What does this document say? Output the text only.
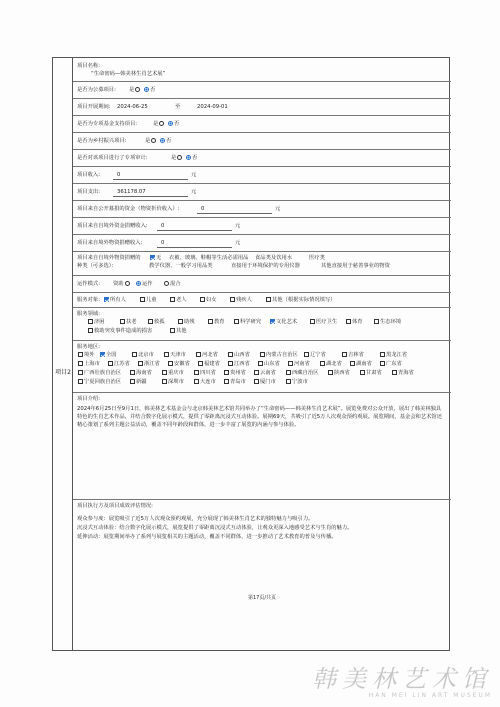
项目2
项目名称:
“生命密码—韩美林生肖艺术展”
是否为公募项目: 是	否
项目开展期间: 2024-06-25	至	2024-09-01
是否为专项基金支持项目:	是	否
是否为乡村振兴项目:	是	否
是否对该项目进行了专项审计:	是	否
项目收入:	0	元
项目支出:	361178.07	元
项目来自公开募捐的资金（物资折价收入）:	0	元
项目来自自境外资金捐赠收入:	0	元
项目来自境外物资捐赠收入:	0	元
项目来自自境外物资捐赠的
种类（可多选）：
无 衣被、玻璃、鞋帽等生活必需用品 食品类及饮用水	医疗类
教学仪器、一般学习用品类	直接用于环境保护的专用仪器	其他直接用于慈善事业的物资
运作模式: 资助	运作	混合
服务对象:	所有人	儿童	老人	妇女	残疾人	其他（根据实际情况填写）
服务领域:
济困	扶老	救孤	助残	教育	科学研究	文化艺术	医疗卫生	体育	生态环境
救助突发事件造成的损害	其他
服务地区:
境外	全国	北京市	天津市	河北省	山西省	内蒙古自治区	辽宁省	吉林省	黑龙江省
上海市	江苏省	浙江省	安徽省	福建省	江西省	山东省	河南省	湖北省	湖南省	广东省
广西壮族自治区	海南省	重庆市	四川省	贵州省	云南省	西藏自治区	陕西省	甘肃省	青海省
宁夏回族自治区	新疆	深圳市	大连市	青岛市	厦门市	宁波市
项目介绍:
2024年6月25日至9月1日，韩美林艺术基金会与北京韩美林艺术馆共同举办了“生命密码——韩美林生肖艺术展”。展览免费对公众开放，展出了韩美林独具特色的生肖艺术作品，并结合数字化展示模式，提供了零距离沉浸式互动体验。展期69天，共吸引了近5万人次观众预约观展。展览期间，基金会和艺术馆还精心策划了系列主题公益活动，覆盖不同年龄段和群体，进一步丰富了展览的内涵与参与体验。
项目执行方及项目成效评估情况:
观众参与度：展览吸引了近5万人次观众预约观展，充分展现了韩美林生肖艺术的独特魅力与吸引力。
沉浸式互动体验：结合数字化展示模式，展览提供了零距离沉浸式互动体验，让观众更深入地感受艺术与生肖的魅力。
延伸活动：展览期间举办了系列与展览相关的主题活动，覆盖不同群体，进一步推动了艺术教育的普及与传播。
第17页/共页
韩美林艺术馆
HAN MEI LIN ART MUSEUM
